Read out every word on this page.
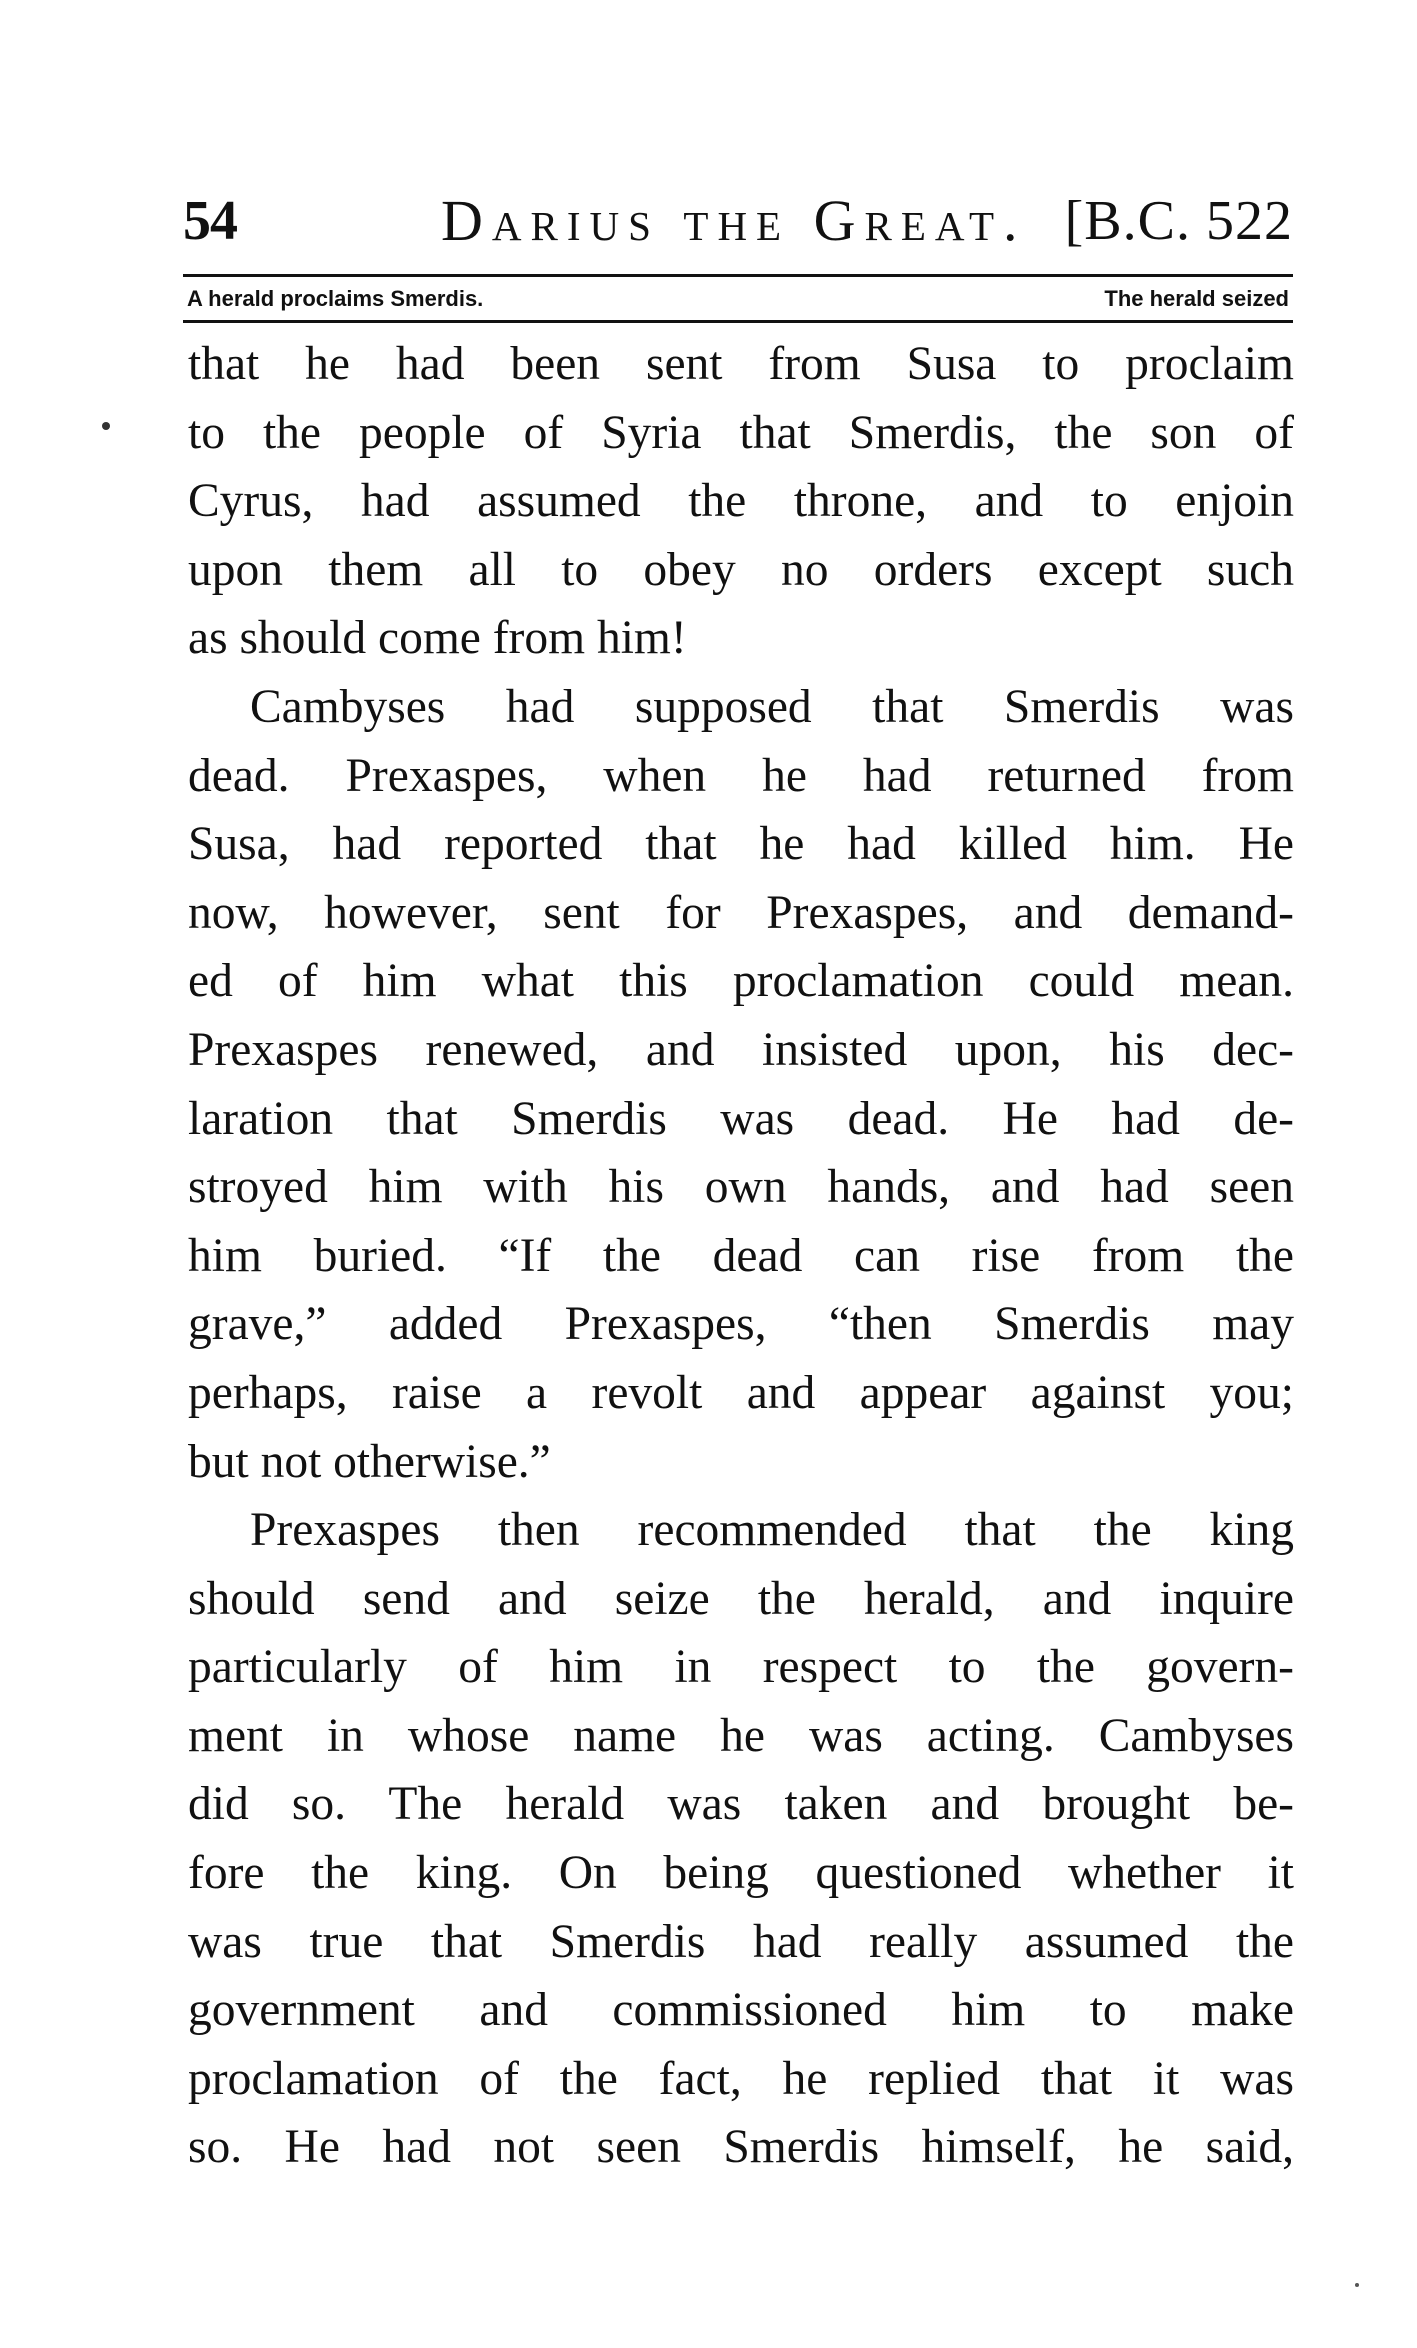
54	Darius the Great. [B.C. 522
A herald proclaims Smerdis.	The herald seized
that he had been sent from Susa to proclaim
to the people of Syria that Smerdis, the son of
Cyrus, had assumed the throne, and to enjoin
upon them all to obey no orders except such
as should come from him!
Cambyses had supposed that Smerdis was
dead. Prexaspes, when he had returned from
Susa, had reported that he had killed him. He
now, however, sent for Prexaspes, and demand-
ed of him what this proclamation could mean.
Prexaspes renewed, and insisted upon, his dec-
laration that Smerdis was dead. He had de-
stroyed him with his own hands, and had seen
him buried. “If the dead can rise from the
grave,” added Prexaspes, “then Smerdis may
perhaps, raise a revolt and appear against you;
but not otherwise.”
Prexaspes then recommended that the king
should send and seize the herald, and inquire
particularly of him in respect to the govern-
ment in whose name he was acting. Cambyses
did so. The herald was taken and brought be-
fore the king. On being questioned whether it
was true that Smerdis had really assumed the
government and commissioned him to make
proclamation of the fact, he replied that it was
so. He had not seen Smerdis himself, he said,
